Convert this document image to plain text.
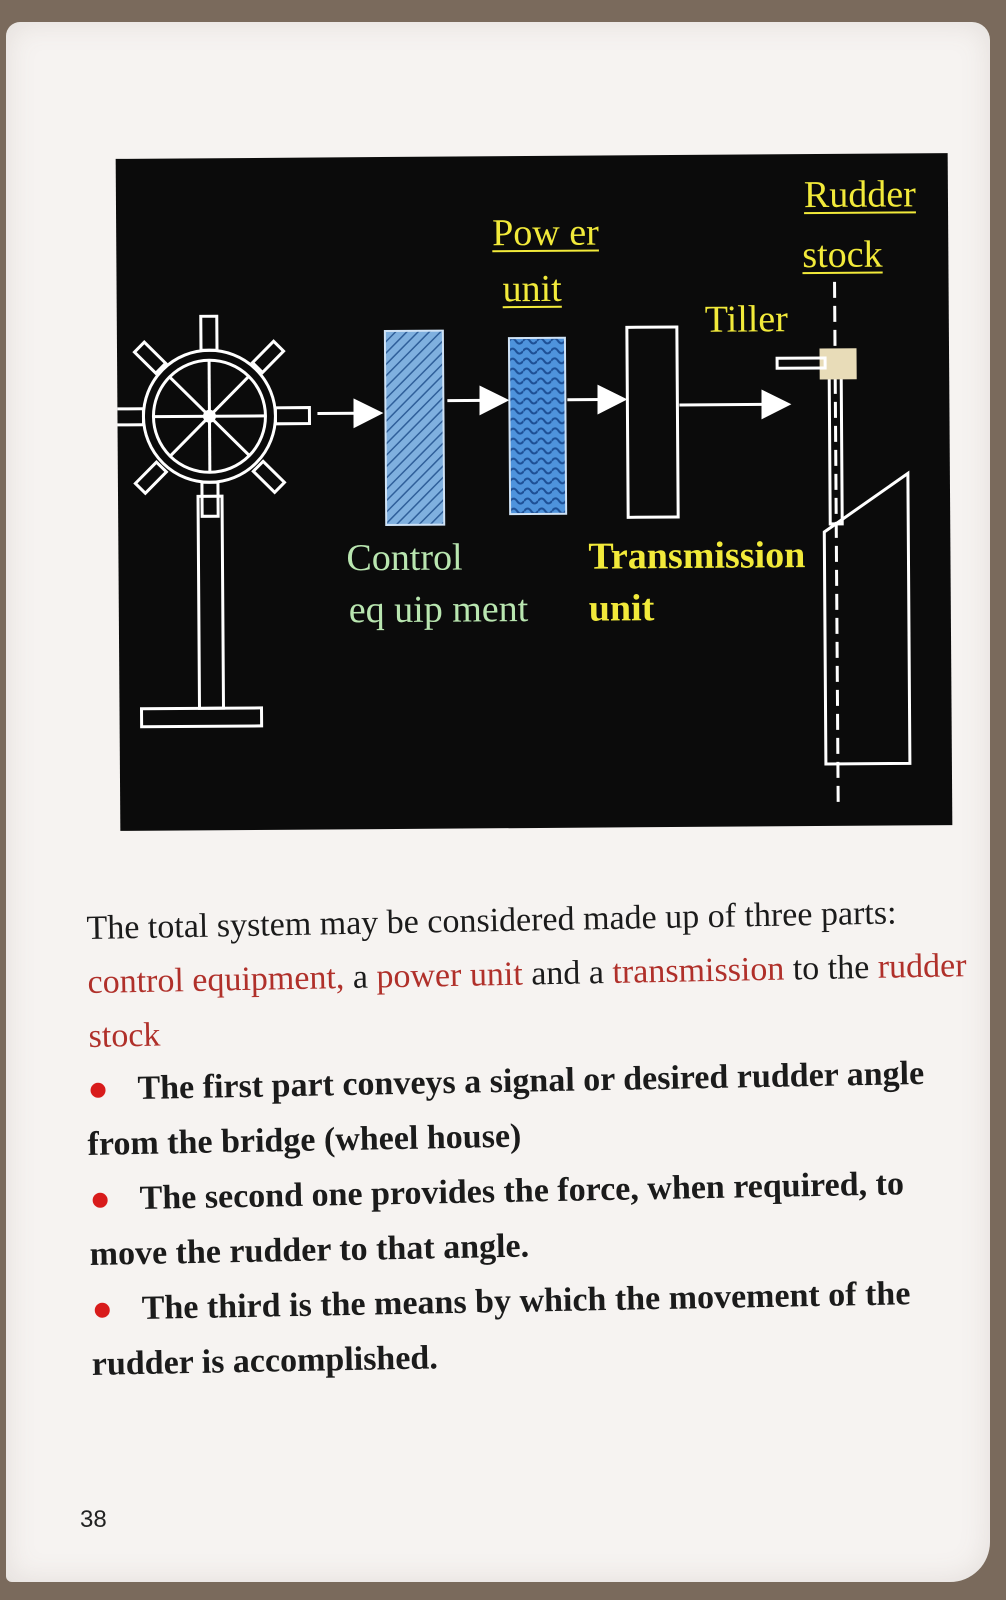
Pow er
unit
Rudder
stock
Tiller
Control
eq uip ment
Transmission
unit
The total system may be considered made up of three parts: control equipment, a power unit and a transmission to the rudder stock

The first part conveys a signal or desired rudder angle from the bridge (wheel house)

The second one provides the force, when required, to move the rudder to that angle.

The third is the means by which the movement of the rudder is accomplished.

38
